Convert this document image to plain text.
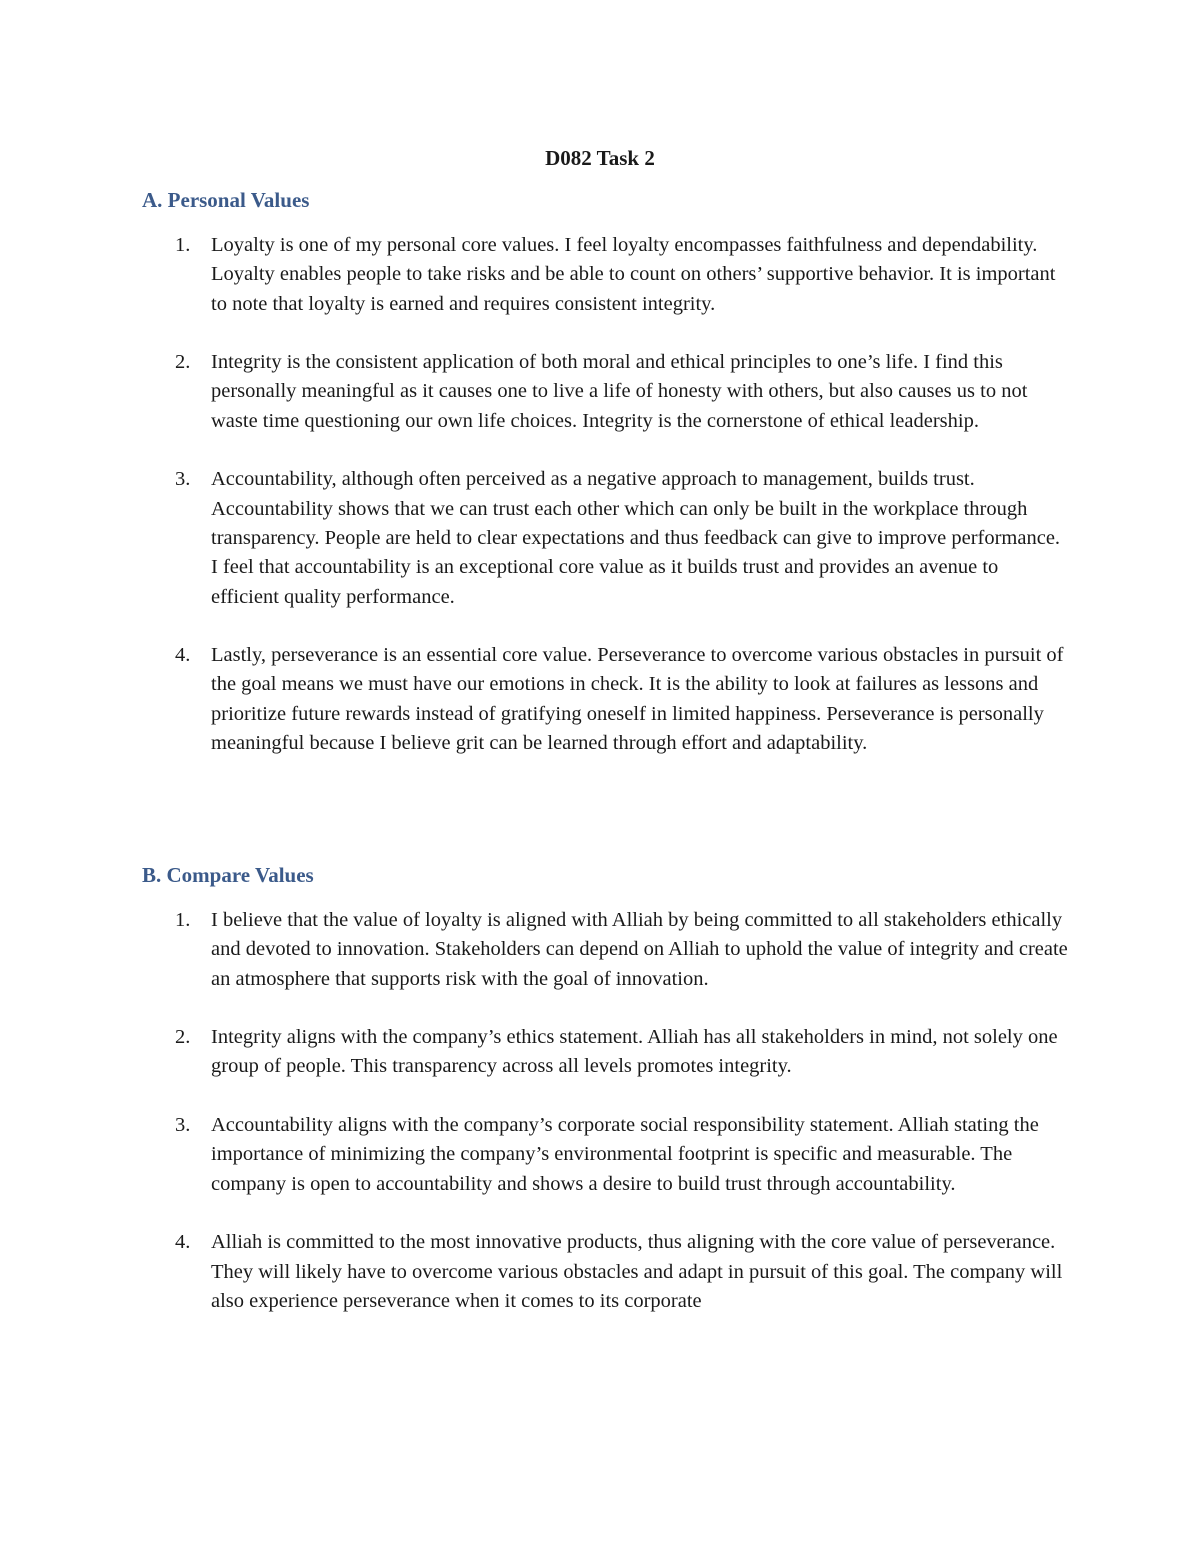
D082 Task 2
A. Personal Values
1. Loyalty is one of my personal core values. I feel loyalty encompasses faithfulness and dependability. Loyalty enables people to take risks and be able to count on others’ supportive behavior. It is important to note that loyalty is earned and requires consistent integrity.
2. Integrity is the consistent application of both moral and ethical principles to one’s life. I find this personally meaningful as it causes one to live a life of honesty with others, but also causes us to not waste time questioning our own life choices. Integrity is the cornerstone of ethical leadership.
3. Accountability, although often perceived as a negative approach to management, builds trust. Accountability shows that we can trust each other which can only be built in the workplace through transparency. People are held to clear expectations and thus feedback can give to improve performance. I feel that accountability is an exceptional core value as it builds trust and provides an avenue to efficient quality performance.
4. Lastly, perseverance is an essential core value. Perseverance to overcome various obstacles in pursuit of the goal means we must have our emotions in check. It is the ability to look at failures as lessons and prioritize future rewards instead of gratifying oneself in limited happiness. Perseverance is personally meaningful because I believe grit can be learned through effort and adaptability.
B. Compare Values
1. I believe that the value of loyalty is aligned with Alliah by being committed to all stakeholders ethically and devoted to innovation. Stakeholders can depend on Alliah to uphold the value of integrity and create an atmosphere that supports risk with the goal of innovation.
2. Integrity aligns with the company’s ethics statement. Alliah has all stakeholders in mind, not solely one group of people. This transparency across all levels promotes integrity.
3. Accountability aligns with the company’s corporate social responsibility statement. Alliah stating the importance of minimizing the company’s environmental footprint is specific and measurable. The company is open to accountability and shows a desire to build trust through accountability.
4. Alliah is committed to the most innovative products, thus aligning with the core value of perseverance. They will likely have to overcome various obstacles and adapt in pursuit of this goal. The company will also experience perseverance when it comes to its corporate
